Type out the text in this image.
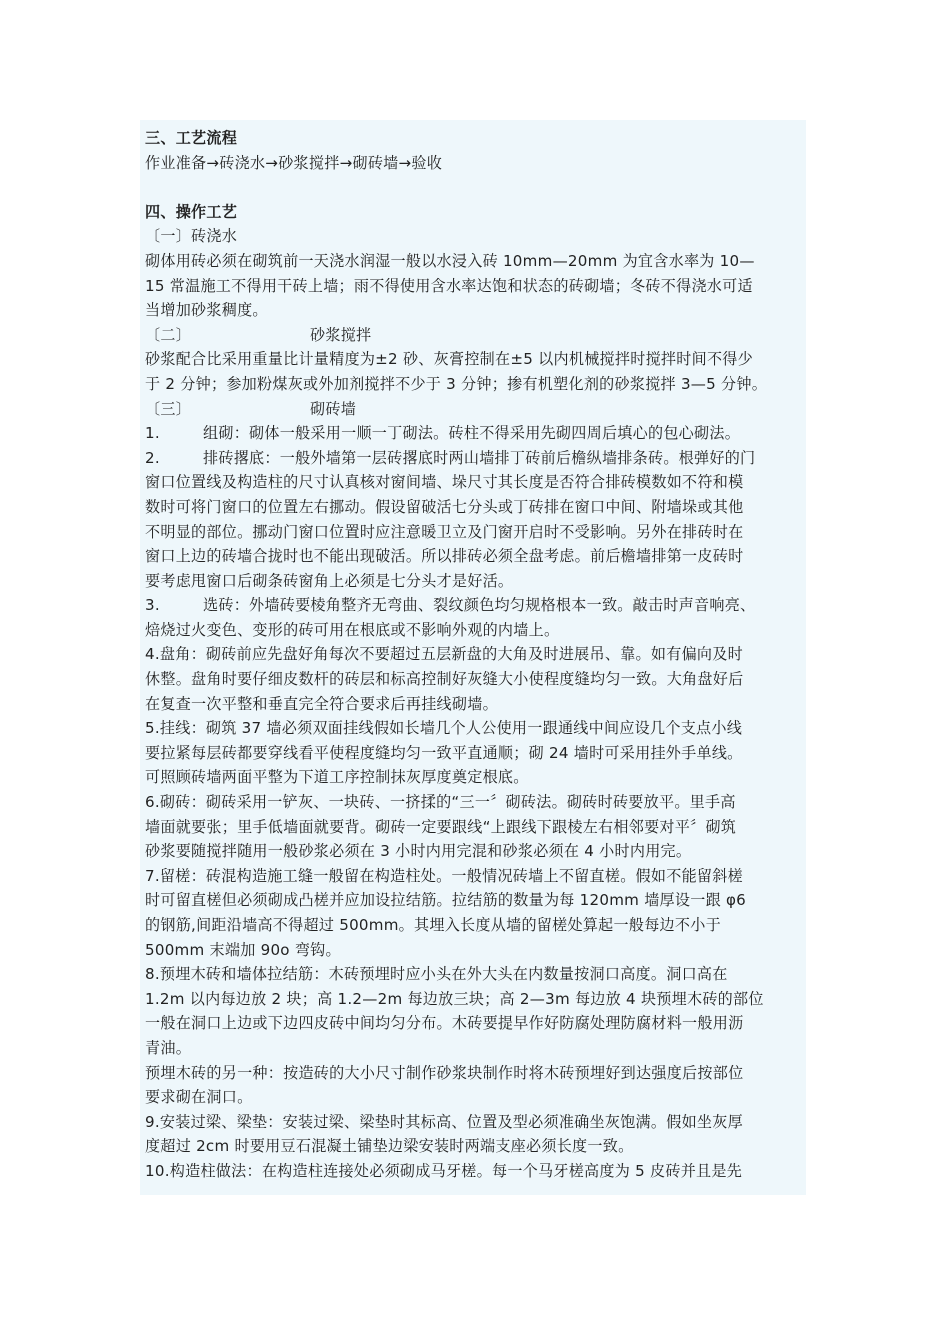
三、工艺流程

作业准备→砖浇水→砂浆搅拌→砌砖墙→验收

四、操作工艺

〔一〕砖浇水

砌体用砖必须在砌筑前一天浇水润湿一般以水浸入砖 10mm—20mm 为宜含水率为 10—

15 常温施工不得用干砖上墙；雨不得使用含水率达饱和状态的砖砌墙；冬砖不得浇水可适

当增加砂浆稠度。

〔二〕	砂浆搅拌

砂浆配合比采用重量比计量精度为±2 砂、灰膏控制在±5 以内机械搅拌时搅拌时间不得少

于 2 分钟；参加粉煤灰或外加剂搅拌不少于 3 分钟；掺有机塑化剂的砂浆搅拌 3—5 分钟。

〔三〕	砌砖墙

1.	组砌：砌体一般采用一顺一丁砌法。砖柱不得采用先砌四周后填心的包心砌法。

2.	排砖撂底：一般外墙第一层砖撂底时两山墙排丁砖前后檐纵墙排条砖。根弹好的门

窗口位置线及构造柱的尺寸认真核对窗间墙、垛尺寸其长度是否符合排砖模数如不符和模

数时可将门窗口的位置左右挪动。假设留破活七分头或丁砖排在窗口中间、附墙垛或其他

不明显的部位。挪动门窗口位置时应注意暖卫立及门窗开启时不受影响。另外在排砖时在

窗口上边的砖墙合拢时也不能出现破活。所以排砖必须全盘考虑。前后檐墙排第一皮砖时

要考虑甩窗口后砌条砖窗角上必须是七分头才是好活。

3.	选砖：外墙砖要棱角整齐无弯曲、裂纹颜色均匀规格根本一致。敲击时声音响亮、

焙烧过火变色、变形的砖可用在根底或不影响外观的内墙上。

4.盘角：砌砖前应先盘好角每次不要超过五层新盘的大角及时进展吊、靠。如有偏向及时

休整。盘角时要仔细皮数杆的砖层和标高控制好灰缝大小使程度缝均匀一致。大角盘好后

在复查一次平整和垂直完全符合要求后再挂线砌墙。

5.挂线：砌筑 37 墙必须双面挂线假如长墙几个人公使用一跟通线中间应设几个支点小线

要拉紧每层砖都要穿线看平使程度缝均匀一致平直通顺；砌 24 墙时可采用挂外手单线。

可照顾砖墙两面平整为下道工序控制抹灰厚度奠定根底。

6.砌砖：砌砖采用一铲灰、一块砖、一挤揉的“三一〞砌砖法。砌砖时砖要放平。里手高

墙面就要张；里手低墙面就要背。砌砖一定要跟线“上跟线下跟棱左右相邻要对平〞砌筑

砂浆要随搅拌随用一般砂浆必须在 3 小时内用完混和砂浆必须在 4 小时内用完。

7.留槎：砖混构造施工缝一般留在构造柱处。一般情况砖墙上不留直槎。假如不能留斜槎

时可留直槎但必须砌成凸槎并应加设拉结筋。拉结筋的数量为每 120mm 墙厚设一跟 φ6

的钢筋,间距沿墙高不得超过 500mm。其埋入长度从墙的留槎处算起一般每边不小于

500mm 末端加 90o 弯钩。

8.预埋木砖和墙体拉结筋：木砖预埋时应小头在外大头在内数量按洞口高度。洞口高在

1.2m 以内每边放 2 块；高 1.2—2m 每边放三块；高 2—3m 每边放 4 块预埋木砖的部位

一般在洞口上边或下边四皮砖中间均匀分布。木砖要提早作好防腐处理防腐材料一般用沥

青油。

预埋木砖的另一种：按造砖的大小尺寸制作砂浆块制作时将木砖预埋好到达强度后按部位

要求砌在洞口。

9.安装过梁、梁垫：安装过梁、梁垫时其标高、位置及型必须准确坐灰饱满。假如坐灰厚

度超过 2cm 时要用豆石混凝土铺垫边梁安装时两端支座必须长度一致。

10.构造柱做法：在构造柱连接处必须砌成马牙槎。每一个马牙槎高度为 5 皮砖并且是先
